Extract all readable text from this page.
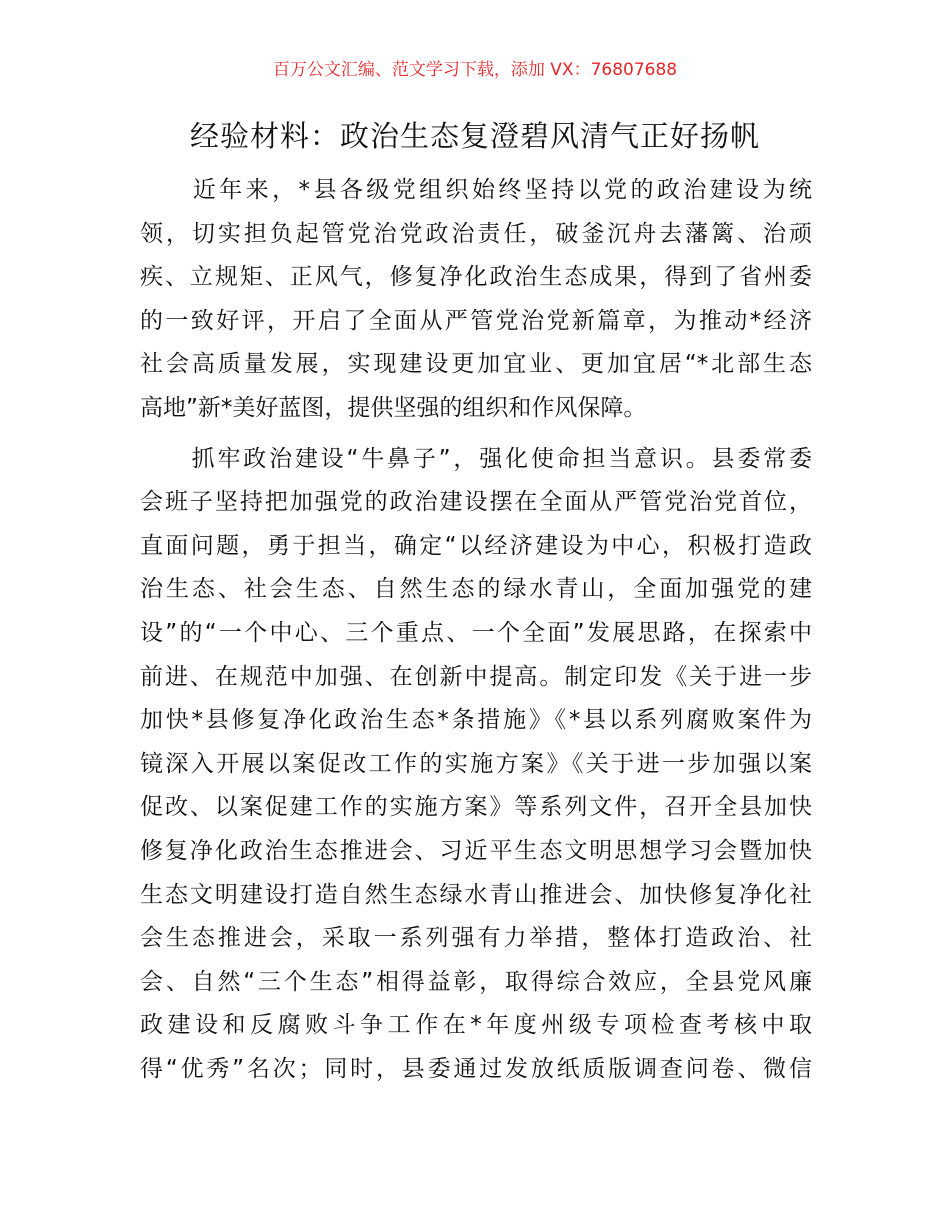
百万公文汇编、范文学习下载，添加 VX：76807688
经验材料：政治生态复澄碧风清气正好扬帆
　　近年来，*县各级党组织始终坚持以党的政治建设为统
领，切实担负起管党治党政治责任，破釜沉舟去藩篱、治顽
疾、立规矩、正风气，修复净化政治生态成果，得到了省州委
的一致好评，开启了全面从严管党治党新篇章，为推动*经济
社会高质量发展，实现建设更加宜业、更加宜居“*北部生态
高地”新*美好蓝图，提供坚强的组织和作风保障。
　　抓牢政治建设“牛鼻子”，强化使命担当意识。县委常委
会班子坚持把加强党的政治建设摆在全面从严管党治党首位，
直面问题，勇于担当，确定“以经济建设为中心，积极打造政
治生态、社会生态、自然生态的绿水青山，全面加强党的建
设”的“一个中心、三个重点、一个全面”发展思路，在探索中
前进、在规范中加强、在创新中提高。制定印发《关于进一步
加快*县修复净化政治生态*条措施》《*县以系列腐败案件为
镜深入开展以案促改工作的实施方案》《关于进一步加强以案
促改、以案促建工作的实施方案》等系列文件，召开全县加快
修复净化政治生态推进会、习近平生态文明思想学习会暨加快
生态文明建设打造自然生态绿水青山推进会、加快修复净化社
会生态推进会，采取一系列强有力举措，整体打造政治、社
会、自然“三个生态”相得益彰，取得综合效应，全县党风廉
政建设和反腐败斗争工作在*年度州级专项检查考核中取
得“优秀”名次；同时，县委通过发放纸质版调查问卷、微信
